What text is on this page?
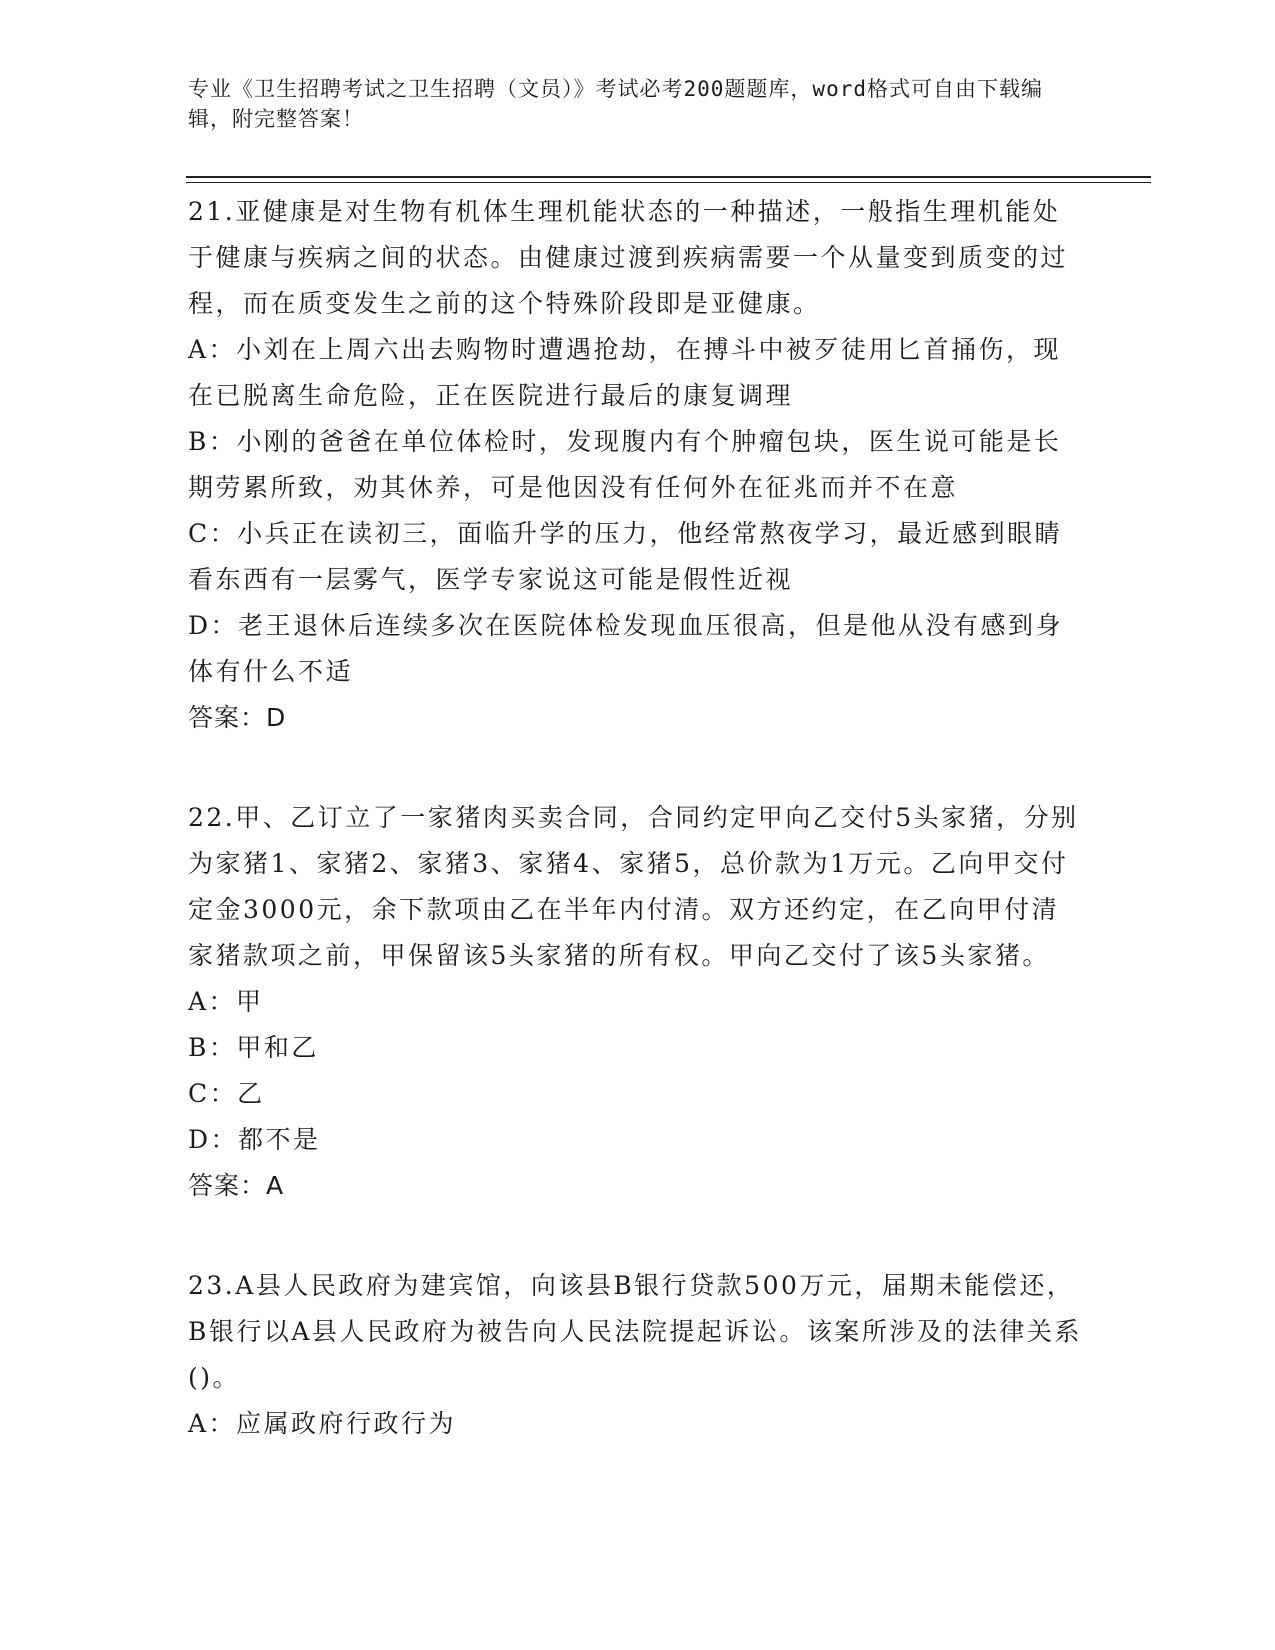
专业《卫生招聘考试之卫生招聘（文员）》考试必考200题题库，word格式可自由下载编辑，附完整答案！
21.亚健康是对生物有机体生理机能状态的一种描述，一般指生理机能处于健康与疾病之间的状态。由健康过渡到疾病需要一个从量变到质变的过程，而在质变发生之前的这个特殊阶段即是亚健康。
A：小刘在上周六出去购物时遭遇抢劫，在搏斗中被歹徒用匕首捅伤，现在已脱离生命危险，正在医院进行最后的康复调理
B：小刚的爸爸在单位体检时，发现腹内有个肿瘤包块，医生说可能是长期劳累所致，劝其休养，可是他因没有任何外在征兆而并不在意
C：小兵正在读初三，面临升学的压力，他经常熬夜学习，最近感到眼睛看东西有一层雾气，医学专家说这可能是假性近视
D：老王退休后连续多次在医院体检发现血压很高，但是他从没有感到身体有什么不适
答案：D
22.甲、乙订立了一家猪肉买卖合同，合同约定甲向乙交付5头家猪，分别为家猪1、家猪2、家猪3、家猪4、家猪5，总价款为1万元。乙向甲交付定金3000元，余下款项由乙在半年内付清。双方还约定，在乙向甲付清家猪款项之前，甲保留该5头家猪的所有权。甲向乙交付了该5头家猪。
A：甲
B：甲和乙
C：乙
D：都不是
答案：A
23.A县人民政府为建宾馆，向该县B银行贷款500万元，届期未能偿还，B银行以A县人民政府为被告向人民法院提起诉讼。该案所涉及的法律关系()。
A：应属政府行政行为
